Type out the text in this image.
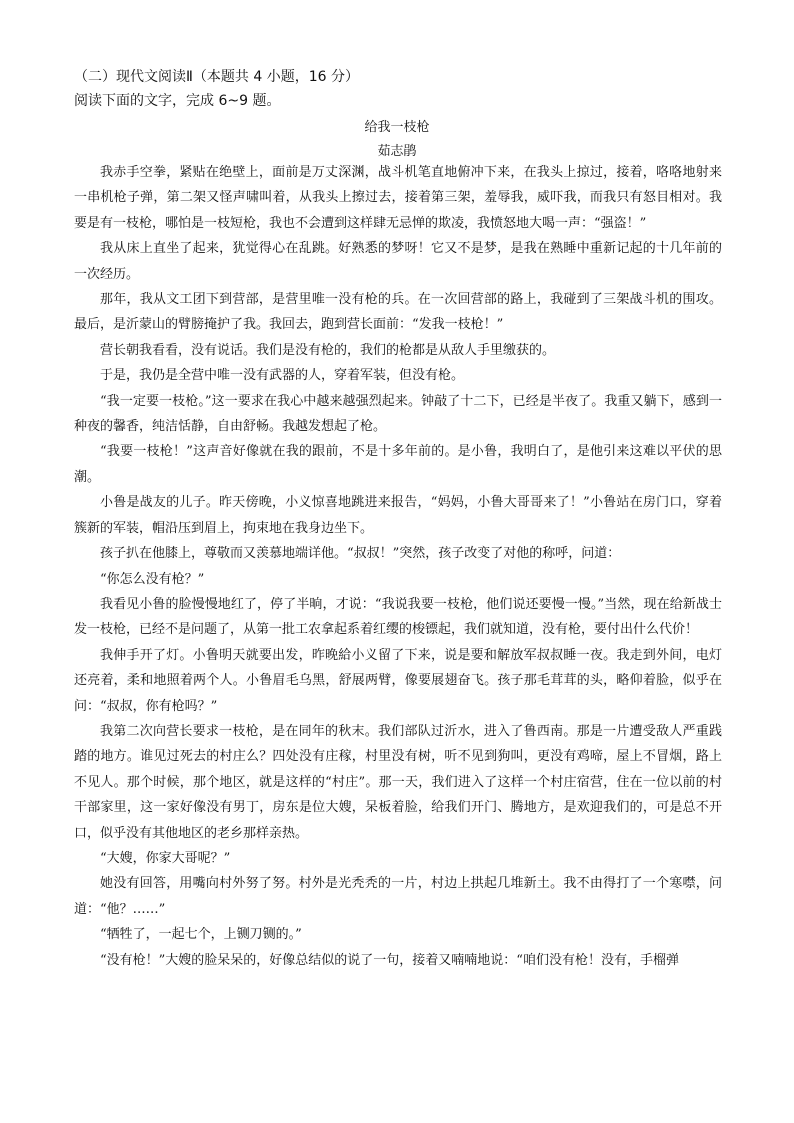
（二）现代文阅读Ⅱ（本题共 4 小题，16 分）
阅读下面的文字，完成 6~9 题。
给我一枝枪
茹志鹃

我赤手空拳，紧贴在绝壁上，面前是万丈深渊，战斗机笔直地俯冲下来，在我头上掠过，接着，咯咯地射来一串机枪子弹，第二架又怪声啸叫着，从我头上擦过去，接着第三架，羞辱我，威吓我，而我只有怒目相对。我要是有一枝枪，哪怕是一枝短枪，我也不会遭到这样肆无忌惮的欺凌，我愤怒地大喝一声：“强盗！”

我从床上直坐了起来，犹觉得心在乱跳。好熟悉的梦呀！它又不是梦，是我在熟睡中重新记起的十几年前的一次经历。

那年，我从文工团下到营部，是营里唯一没有枪的兵。在一次回营部的路上，我碰到了三架战斗机的围攻。最后，是沂蒙山的臂膀掩护了我。我回去，跑到营长面前：“发我一枝枪！”

营长朝我看看，没有说话。我们是没有枪的，我们的枪都是从敌人手里缴获的。

于是，我仍是全营中唯一没有武器的人，穿着军装，但没有枪。

“我一定要一枝枪。”这一要求在我心中越来越强烈起来。钟敲了十二下，已经是半夜了。我重又躺下，感到一种夜的馨香，纯洁恬静，自由舒畅。我越发想起了枪。

“我要一枝枪！”这声音好像就在我的跟前，不是十多年前的。是小鲁，我明白了，是他引来这难以平伏的思潮。

小鲁是战友的儿子。昨天傍晚，小义惊喜地跳进来报告，“妈妈，小鲁大哥哥来了！”小鲁站在房门口，穿着簇新的军装，帽沿压到眉上，拘束地在我身边坐下。

孩子扒在他膝上，尊敬而又羡慕地端详他。“叔叔！”突然，孩子改变了对他的称呼，问道：

“你怎么没有枪？”

我看见小鲁的脸慢慢地红了，停了半晌，才说：“我说我要一枝枪，他们说还要慢一慢。”当然，现在给新战士发一枝枪，已经不是问题了，从第一批工农拿起系着红缨的梭镖起，我们就知道，没有枪，要付出什么代价！

我伸手开了灯。小鲁明天就要出发，昨晚給小义留了下来，说是要和解放军叔叔睡一夜。我走到外间，电灯还亮着，柔和地照着两个人。小鲁眉毛乌黑，舒展两臂，像要展翅奋飞。孩子那毛茸茸的头，略仰着脸，似乎在问：“叔叔，你有枪吗？”

我第二次向营长要求一枝枪，是在同年的秋末。我们部队过沂水，进入了鲁西南。那是一片遭受敌人严重践踏的地方。谁见过死去的村庄么？四处没有庄稼，村里没有树，听不见到狗叫，更没有鸡啼，屋上不冒烟，路上不见人。那个时候，那个地区，就是这样的“村庄”。那一天，我们进入了这样一个村庄宿营，住在一位以前的村干部家里，这一家好像没有男丁，房东是位大嫂，呆板着脸，给我们开门、腾地方，是欢迎我们的，可是总不开口，似乎没有其他地区的老乡那样亲热。

“大嫂，你家大哥呢？”

她没有回答，用嘴向村外努了努。村外是光秃秃的一片，村边上拱起几堆新土。我不由得打了一个寒噤，问道：“他？……”

“牺牲了，一起七个，上铡刀铡的。”

“没有枪！”大嫂的脸呆呆的，好像总结似的说了一句，接着又喃喃地说：“咱们没有枪！没有，手榴弹
